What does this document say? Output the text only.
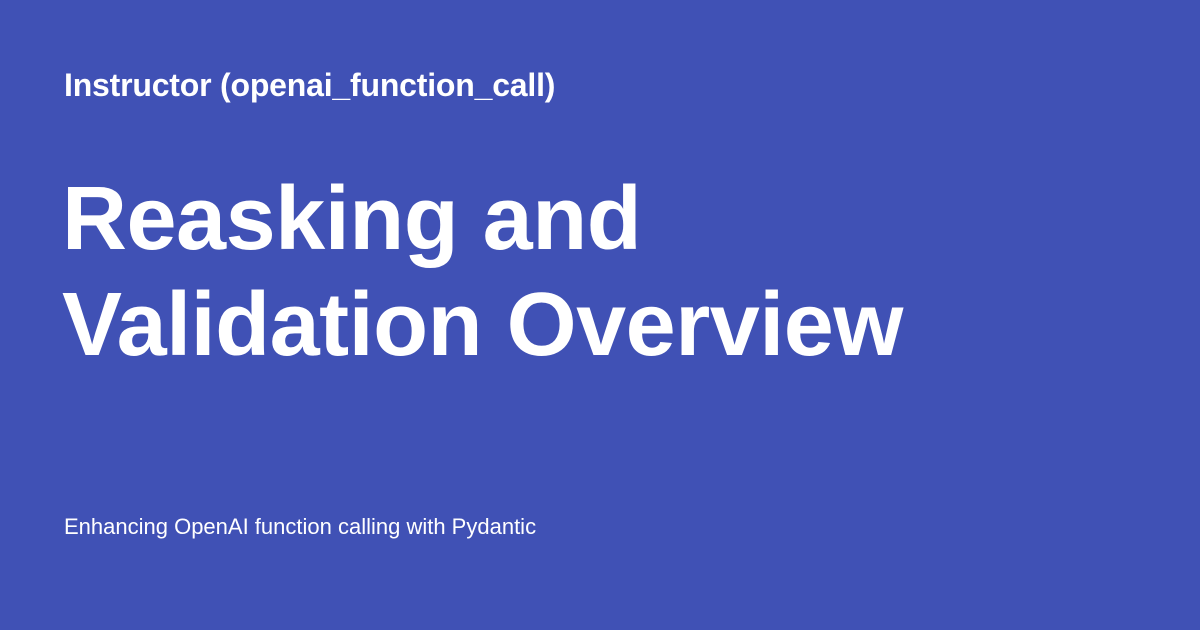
Instructor (openai_function_call)
Reasking and
Validation Overview
Enhancing OpenAI function calling with Pydantic
